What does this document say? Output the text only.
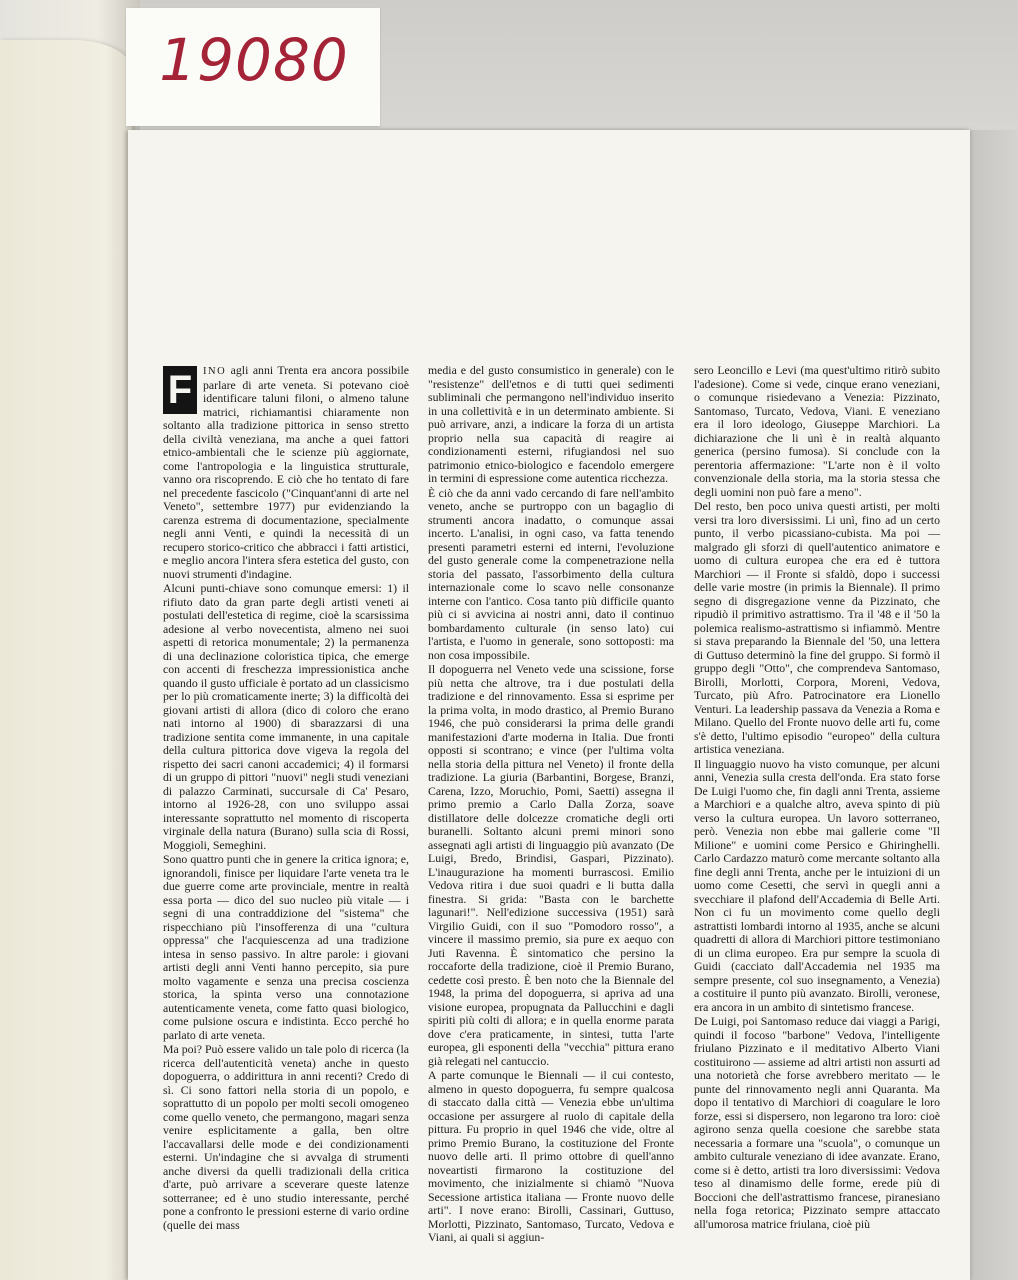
19080

F	INO agli anni Trenta era ancora possibile parlare di arte veneta. Si potevano cioè identificare taluni filoni, o almeno talune matrici, richiamantisi chiaramente non soltanto alla tradizione pittorica in senso stretto della civiltà veneziana, ma anche a quei fattori etnico-ambientali che le scienze più aggiornate, come l'antropologia e la linguistica strutturale, vanno ora riscoprendo. E ciò che ho tentato di fare nel precedente fascicolo ("Cinquant'anni di arte nel Veneto", settembre 1977) pur evidenziando la carenza estrema di documentazione, specialmente negli anni Venti, e quindi la necessità di un recupero storico-critico che abbracci i fatti artistici, e meglio ancora l'intera sfera estetica del gusto, con nuovi strumenti d'indagine.

Alcuni punti-chiave sono comunque emersi: 1) il rifiuto dato da gran parte degli artisti veneti ai postulati dell'estetica di regime, cioè la scarsissima adesione al verbo novecentista, almeno nei suoi aspetti di retorica monumentale; 2) la permanenza di una declinazione coloristica tipica, che emerge con accenti di freschezza impressionistica anche quando il gusto ufficiale è portato ad un classicismo per lo più cromaticamente inerte; 3) la difficoltà dei giovani artisti di allora (dico di coloro che erano nati intorno al 1900) di sbarazzarsi di una tradizione sentita come immanente, in una capitale della cultura pittorica dove vigeva la regola del rispetto dei sacri canoni accademici; 4) il formarsi di un gruppo di pittori "nuovi" negli studi veneziani di palazzo Carminati, succursale di Ca' Pesaro, intorno al 1926-28, con uno sviluppo assai interessante soprattutto nel momento di riscoperta virginale della natura (Burano) sulla scia di Rossi, Moggioli, Semeghini.

Sono quattro punti che in genere la critica ignora; e, ignorandoli, finisce per liquidare l'arte veneta tra le due guerre come arte provinciale, mentre in realtà essa porta — dico del suo nucleo più vitale — i segni di una contraddizione del "sistema" che rispecchiano più l'insofferenza di una "cultura oppressa" che l'acquiescenza ad una tradizione intesa in senso passivo. In altre parole: i giovani artisti degli anni Venti hanno percepito, sia pure molto vagamente e senza una precisa coscienza storica, la spinta verso una connotazione autenticamente veneta, come fatto quasi biologico, come pulsione oscura e indistinta. Ecco perché ho parlato di arte veneta.

Ma poi? Può essere valido un tale polo di ricerca (la ricerca dell'autenticità veneta) anche in questo dopoguerra, o addirittura in anni recenti? Credo di sì. Ci sono fattori nella storia di un popolo, e soprattutto di un popolo per molti secoli omogeneo come quello veneto, che permangono, magari senza venire esplicitamente a galla, ben oltre l'accavallarsi delle mode e dei condizionamenti esterni. Un'indagine che si avvalga di strumenti anche diversi da quelli tradizionali della critica d'arte, può arrivare a sceverare queste latenze sotterranee; ed è uno studio interessante, perché pone a confronto le pressioni esterne di vario ordine (quelle dei mass

media e del gusto consumistico in generale) con le "resistenze" dell'etnos e di tutti quei sedimenti subliminali che permangono nell'individuo inserito in una collettività e in un determinato ambiente. Si può arrivare, anzi, a indicare la forza di un artista proprio nella sua capacità di reagire ai condizionamenti esterni, rifugiandosi nel suo patrimonio etnico-biologico e facendolo emergere in termini di espressione come autentica ricchezza.

È ciò che da anni vado cercando di fare nell'ambito veneto, anche se purtroppo con un bagaglio di strumenti ancora inadatto, o comunque assai incerto. L'analisi, in ogni caso, va fatta tenendo presenti parametri esterni ed interni, l'evoluzione del gusto generale come la compenetrazione nella storia del passato, l'assorbimento della cultura internazionale come lo scavo nelle consonanze interne con l'antico. Cosa tanto più difficile quanto più ci si avvicina ai nostri anni, dato il continuo bombardamento culturale (in senso lato) cui l'artista, e l'uomo in generale, sono sottoposti: ma non cosa impossibile.

Il dopoguerra nel Veneto vede una scissione, forse più netta che altrove, tra i due postulati della tradizione e del rinnovamento. Essa si esprime per la prima volta, in modo drastico, al Premio Burano 1946, che può considerarsi la prima delle grandi manifestazioni d'arte moderna in Italia. Due fronti opposti si scontrano; e vince (per l'ultima volta nella storia della pittura nel Veneto) il fronte della tradizione. La giuria (Barbantini, Borgese, Branzi, Carena, Izzo, Moruchio, Pomi, Saetti) assegna il primo premio a Carlo Dalla Zorza, soave distillatore delle dolcezze cromatiche degli orti buranelli. Soltanto alcuni premi minori sono assegnati agli artisti di linguaggio più avanzato (De Luigi, Bredo, Brindisi, Gaspari, Pizzinato). L'inaugurazione ha momenti burrascosi. Emilio Vedova ritira i due suoi quadri e li butta dalla finestra. Si grida: "Basta con le barchette lagunari!". Nell'edizione successiva (1951) sarà Virgilio Guidi, con il suo "Pomodoro rosso", a vincere il massimo premio, sia pure ex aequo con Juti Ravenna. È sintomatico che persino la roccaforte della tradizione, cioè il Premio Burano, cedette così presto. È ben noto che la Biennale del 1948, la prima del dopoguerra, si apriva ad una visione europea, propugnata da Pallucchini e dagli spiriti più colti di allora; e in quella enorme parata dove c'era praticamente, in sintesi, tutta l'arte europea, gli esponenti della "vecchia" pittura erano già relegati nel cantuccio.

A parte comunque le Biennali — il cui contesto, almeno in questo dopoguerra, fu sempre qualcosa di staccato dalla città — Venezia ebbe un'ultima occasione per assurgere al ruolo di capitale della pittura. Fu proprio in quel 1946 che vide, oltre al primo Premio Burano, la costituzione del Fronte nuovo delle arti. Il primo ottobre di quell'anno noveartisti firmarono la costituzione del movimento, che inizialmente si chiamò "Nuova Secessione artistica italiana — Fronte nuovo delle arti". I nove erano: Birolli, Cassinari, Guttuso, Morlotti, Pizzinato, Santomaso, Turcato, Vedova e Viani, ai quali si aggiun-

sero Leoncillo e Levi (ma quest'ultimo ritirò subito l'adesione). Come si vede, cinque erano veneziani, o comunque risiedevano a Venezia: Pizzinato, Santomaso, Turcato, Vedova, Viani. E veneziano era il loro ideologo, Giuseppe Marchiori. La dichiarazione che li unì è in realtà alquanto generica (persino fumosa). Si conclude con la perentoria affermazione: "L'arte non è il volto convenzionale della storia, ma la storia stessa che degli uomini non può fare a meno".

Del resto, ben poco univa questi artisti, per molti versi tra loro diversissimi. Li unì, fino ad un certo punto, il verbo picassiano-cubista. Ma poi — malgrado gli sforzi di quell'autentico animatore e uomo di cultura europea che era ed è tuttora Marchiori — il Fronte si sfaldò, dopo i successi delle varie mostre (in primis la Biennale). Il primo segno di disgregazione venne da Pizzinato, che ripudiò il primitivo astrattismo. Tra il '48 e il '50 la polemica realismo-astrattismo si infiammò. Mentre si stava preparando la Biennale del '50, una lettera di Guttuso determinò la fine del gruppo. Si formò il gruppo degli "Otto", che comprendeva Santomaso, Birolli, Morlotti, Corpora, Moreni, Vedova, Turcato, più Afro. Patrocinatore era Lionello Venturi. La leadership passava da Venezia a Roma e Milano. Quello del Fronte nuovo delle arti fu, come s'è detto, l'ultimo episodio "europeo" della cultura artistica veneziana.

Il linguaggio nuovo ha visto comunque, per alcuni anni, Venezia sulla cresta dell'onda. Era stato forse De Luigi l'uomo che, fin dagli anni Trenta, assieme a Marchiori e a qualche altro, aveva spinto di più verso la cultura europea. Un lavoro sotterraneo, però. Venezia non ebbe mai gallerie come "Il Milione" e uomini come Persico e Ghiringhelli. Carlo Cardazzo maturò come mercante soltanto alla fine degli anni Trenta, anche per le intuizioni di un uomo come Cesetti, che servì in quegli anni a svecchiare il plafond dell'Accademia di Belle Arti. Non ci fu un movimento come quello degli astrattisti lombardi intorno al 1935, anche se alcuni quadretti di allora di Marchiori pittore testimoniano di un clima europeo. Era pur sempre la scuola di Guidi (cacciato dall'Accademia nel 1935 ma sempre presente, col suo insegnamento, a Venezia) a costituire il punto più avanzato. Birolli, veronese, era ancora in un ambito di sintetismo francese.

De Luigi, poi Santomaso reduce dai viaggi a Parigi, quindi il focoso "barbone" Vedova, l'intelligente friulano Pizzinato e il meditativo Alberto Viani costituirono — assieme ad altri artisti non assurti ad una notorietà che forse avrebbero meritato — le punte del rinnovamento negli anni Quaranta. Ma dopo il tentativo di Marchiori di coagulare le loro forze, essi si dispersero, non legarono tra loro: cioè agirono senza quella coesione che sarebbe stata necessaria a formare una "scuola", o comunque un ambito culturale veneziano di idee avanzate. Erano, come si è detto, artisti tra loro diversissimi: Vedova teso al dinamismo delle forme, erede più di Boccioni che dell'astrattismo francese, piranesiano nella foga retorica; Pizzinato sempre attaccato all'umorosa matrice friulana, cioè più
